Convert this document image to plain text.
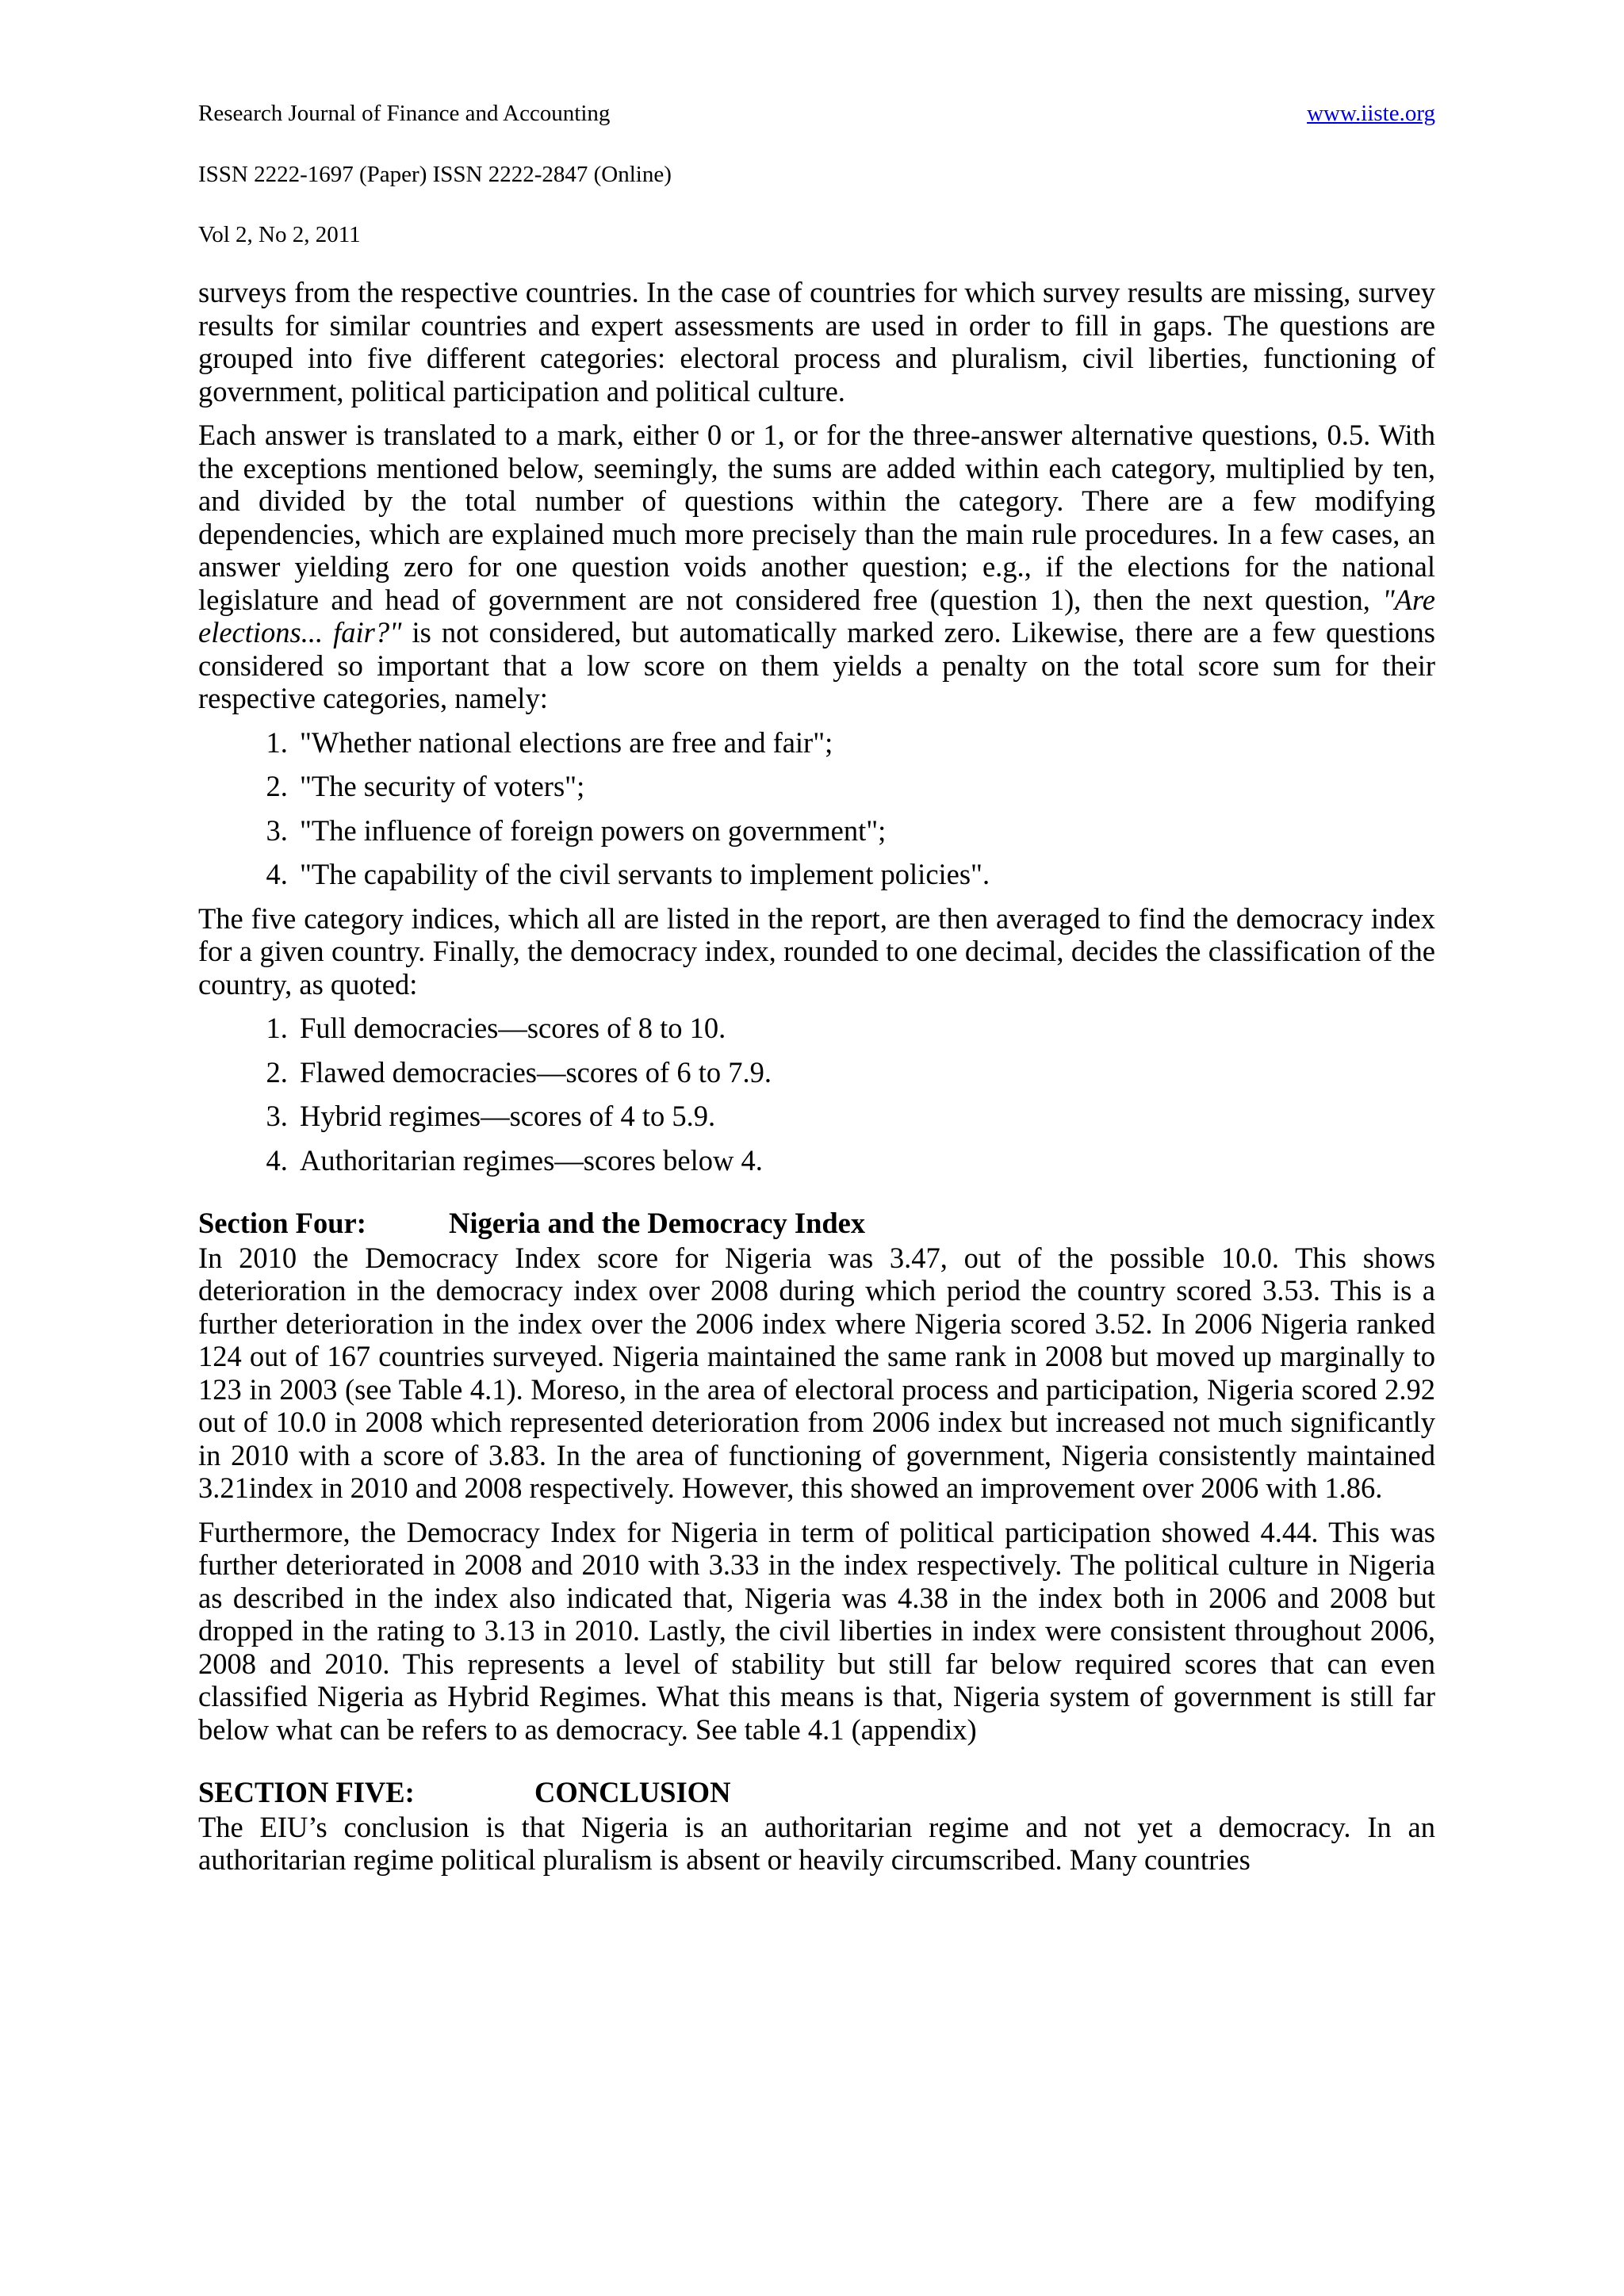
Research Journal of Finance and Accounting	www.iiste.org
ISSN 2222-1697 (Paper) ISSN 2222-2847 (Online)
Vol 2, No 2, 2011

surveys from the respective countries. In the case of countries for which survey results are missing, survey results for similar countries and expert assessments are used in order to fill in gaps. The questions are grouped into five different categories: electoral process and pluralism, civil liberties, functioning of government, political participation and political culture.

Each answer is translated to a mark, either 0 or 1, or for the three-answer alternative questions, 0.5. With the exceptions mentioned below, seemingly, the sums are added within each category, multiplied by ten, and divided by the total number of questions within the category. There are a few modifying dependencies, which are explained much more precisely than the main rule procedures. In a few cases, an answer yielding zero for one question voids another question; e.g., if the elections for the national legislature and head of government are not considered free (question 1), then the next question, "Are elections... fair?" is not considered, but automatically marked zero. Likewise, there are a few questions considered so important that a low score on them yields a penalty on the total score sum for their respective categories, namely:

1. "Whether national elections are free and fair";
2. "The security of voters";
3. "The influence of foreign powers on government";
4. "The capability of the civil servants to implement policies".

The five category indices, which all are listed in the report, are then averaged to find the democracy index for a given country. Finally, the democracy index, rounded to one decimal, decides the classification of the country, as quoted:

1. Full democracies—scores of 8 to 10.
2. Flawed democracies—scores of 6 to 7.9.
3. Hybrid regimes—scores of 4 to 5.9.
4. Authoritarian regimes—scores below 4.
Section Four:	Nigeria and the Democracy Index

In 2010 the Democracy Index score for Nigeria was 3.47, out of the possible 10.0. This shows deterioration in the democracy index over 2008 during which period the country scored 3.53. This is a further deterioration in the index over the 2006 index where Nigeria scored 3.52. In 2006 Nigeria ranked 124 out of 167 countries surveyed. Nigeria maintained the same rank in 2008 but moved up marginally to 123 in 2003 (see Table 4.1). Moreso, in the area of electoral process and participation, Nigeria scored 2.92 out of 10.0 in 2008 which represented deterioration from 2006 index but increased not much significantly in 2010 with a score of 3.83. In the area of functioning of government, Nigeria consistently maintained 3.21index in 2010 and 2008 respectively. However, this showed an improvement over 2006 with 1.86.

Furthermore, the Democracy Index for Nigeria in term of political participation showed 4.44. This was further deteriorated in 2008 and 2010 with 3.33 in the index respectively. The political culture in Nigeria as described in the index also indicated that, Nigeria was 4.38 in the index both in 2006 and 2008 but dropped in the rating to 3.13 in 2010. Lastly, the civil liberties in index were consistent throughout 2006, 2008 and 2010. This represents a level of stability but still far below required scores that can even classified Nigeria as Hybrid Regimes. What this means is that, Nigeria system of government is still far below what can be refers to as democracy. See table 4.1 (appendix)

SECTION FIVE:	CONCLUSION

The EIU’s conclusion is that Nigeria is an authoritarian regime and not yet a democracy. In an authoritarian regime political pluralism is absent or heavily circumscribed. Many countries
